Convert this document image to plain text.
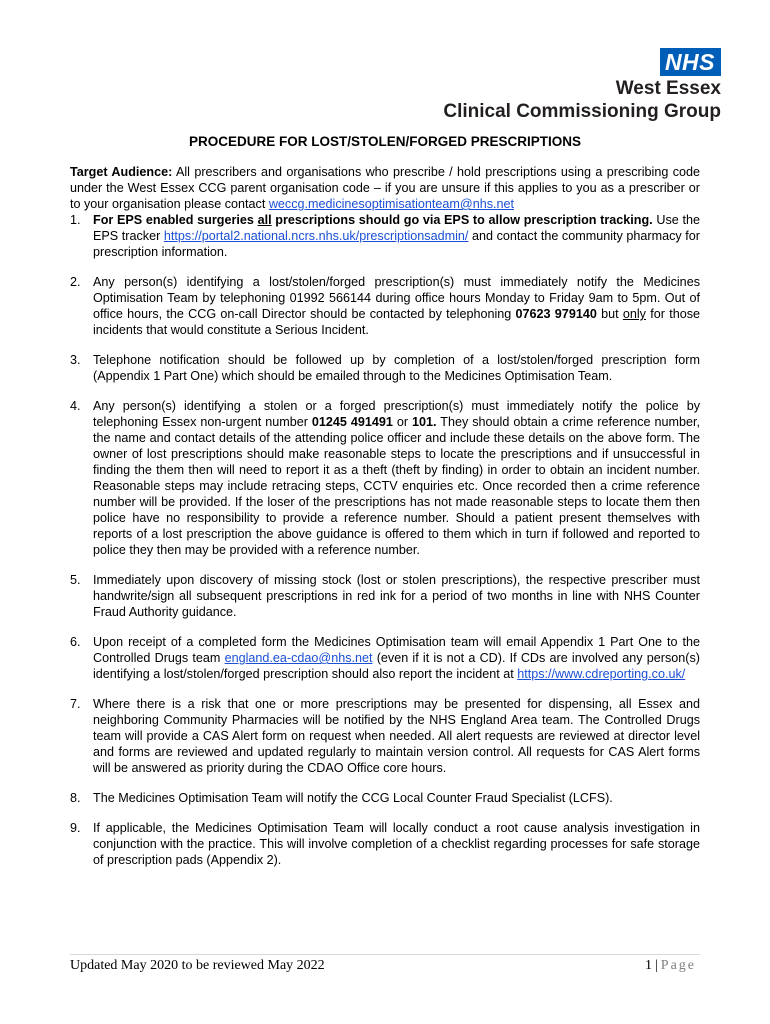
NHS
West Essex
Clinical Commissioning Group
PROCEDURE FOR LOST/STOLEN/FORGED PRESCRIPTIONS

Target Audience: All prescribers and organisations who prescribe / hold prescriptions using a prescribing code under the West Essex CCG parent organisation code – if you are unsure if this applies to you as a prescriber or to your organisation please contact weccg.medicinesoptimisationteam@nhs.net

1. For EPS enabled surgeries all prescriptions should go via EPS to allow prescription tracking. Use the EPS tracker https://portal2.national.ncrs.nhs.uk/prescriptionsadmin/ and contact the community pharmacy for prescription information.
2. Any person(s) identifying a lost/stolen/forged prescription(s) must immediately notify the Medicines Optimisation Team by telephoning 01992 566144 during office hours Monday to Friday 9am to 5pm. Out of office hours, the CCG on-call Director should be contacted by telephoning 07623 979140 but only for those incidents that would constitute a Serious Incident.
3. Telephone notification should be followed up by completion of a lost/stolen/forged prescription form (Appendix 1 Part One) which should be emailed through to the Medicines Optimisation Team.
4. Any person(s) identifying a stolen or a forged prescription(s) must immediately notify the police by telephoning Essex non-urgent number 01245 491491 or 101. They should obtain a crime reference number, the name and contact details of the attending police officer and include these details on the above form. The owner of lost prescriptions should make reasonable steps to locate the prescriptions and if unsuccessful in finding the them then will need to report it as a theft (theft by finding) in order to obtain an incident number. Reasonable steps may include retracing steps, CCTV enquiries etc. Once recorded then a crime reference number will be provided. If the loser of the prescriptions has not made reasonable steps to locate them then police have no responsibility to provide a reference number. Should a patient present themselves with reports of a lost prescription the above guidance is offered to them which in turn if followed and reported to police they then may be provided with a reference number.
5. Immediately upon discovery of missing stock (lost or stolen prescriptions), the respective prescriber must handwrite/sign all subsequent prescriptions in red ink for a period of two months in line with NHS Counter Fraud Authority guidance.
6. Upon receipt of a completed form the Medicines Optimisation team will email Appendix 1 Part One to the Controlled Drugs team england.ea-cdao@nhs.net (even if it is not a CD). If CDs are involved any person(s) identifying a lost/stolen/forged prescription should also report the incident at https://www.cdreporting.co.uk/
7. Where there is a risk that one or more prescriptions may be presented for dispensing, all Essex and neighboring Community Pharmacies will be notified by the NHS England Area team. The Controlled Drugs team will provide a CAS Alert form on request when needed. All alert requests are reviewed at director level and forms are reviewed and updated regularly to maintain version control. All requests for CAS Alert forms will be answered as priority during the CDAO Office core hours.
8. The Medicines Optimisation Team will notify the CCG Local Counter Fraud Specialist (LCFS).
9. If applicable, the Medicines Optimisation Team will locally conduct a root cause analysis investigation in conjunction with the practice. This will involve completion of a checklist regarding processes for safe storage of prescription pads (Appendix 2).
Updated May 2020 to be reviewed May 2022	1 | Page
